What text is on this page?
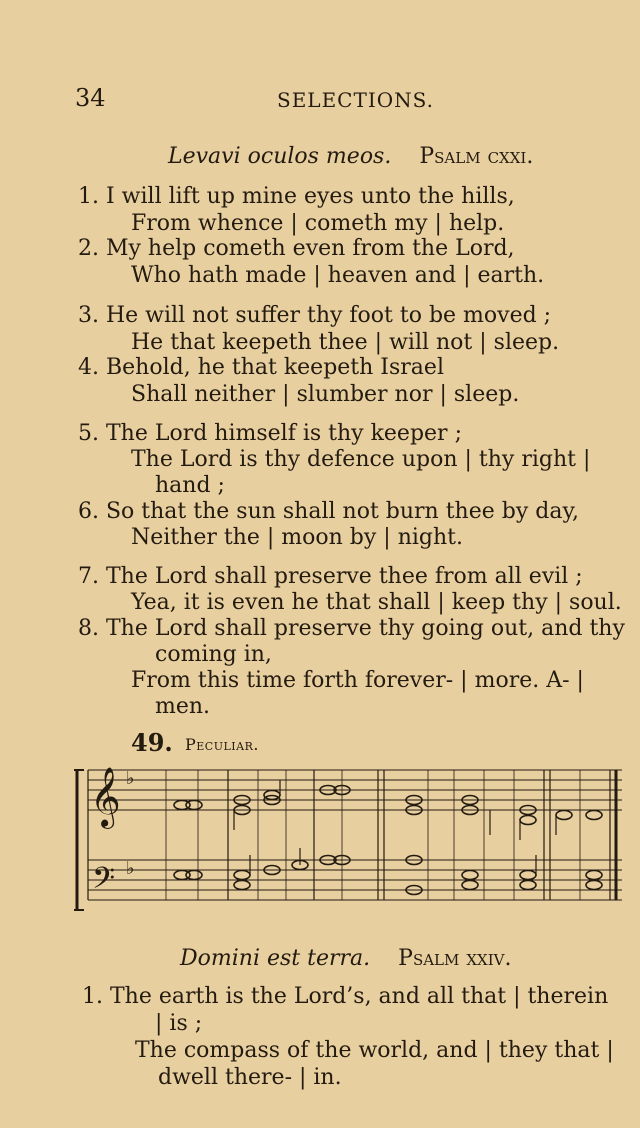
34	SELECTIONS.
Levavi oculos meos. Psalm cxxi.
1. I will lift up mine eyes unto the hills,
From whence | cometh my | help.
2. My help cometh even from the Lord,
Who hath made | heaven and | earth.
3. He will not suffer thy foot to be moved ;
He that keepeth thee | will not | sleep.
4. Behold, he that keepeth Israel
Shall neither | slumber nor | sleep.
5. The Lord himself is thy keeper ;
The Lord is thy defence upon | thy right |
hand ;
6. So that the sun shall not burn thee by day,
Neither the | moon by | night.
7. The Lord shall preserve thee from all evil ;
Yea, it is even he that shall | keep thy | soul.
8. The Lord shall preserve thy going out, and thy
coming in,
From this time forth forever- | more. A- |
men.
49. Peculiar.
𝄞
𝄢
♭
♭
Domini est terra. Psalm xxiv.
1. The earth is the Lord’s, and all that | therein
| is ;
The compass of the world, and | they that |
dwell there- | in.
